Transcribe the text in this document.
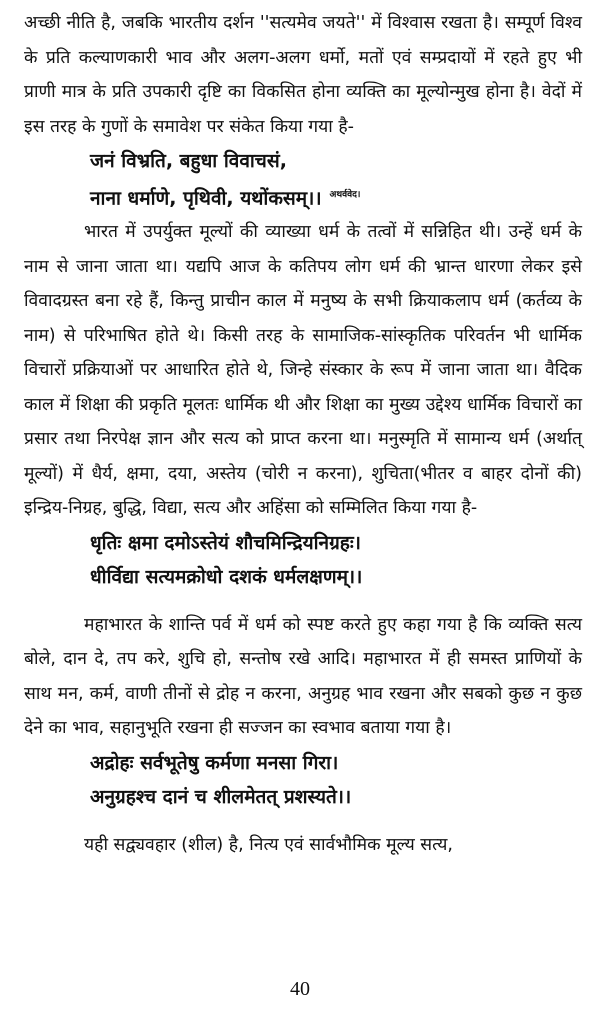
अच्छी नीति है, जबकि भारतीय दर्शन ''सत्यमेव जयते'' में विश्वास रखता है। सम्पूर्ण विश्व के प्रति कल्याणकारी भाव और अलग-अलग धर्मो, मतों एवं सम्प्रदायों में रहते हुए भी प्राणी मात्र के प्रति उपकारी दृष्टि का विकसित होना व्यक्ति का मूल्योन्मुख होना है। वेदों में इस तरह के गुणों के समावेश पर संकेत किया गया है-

जनं विभ्रति, बहुधा विवाचसं,
नाना धर्माणे, पृथिवी, यथोंकसम्।। $^{अथर्ववेद।}$

भारत में उपर्युक्त मूल्यों की व्याख्या धर्म के तत्वों में सन्निहित थी। उन्हें धर्म के नाम से जाना जाता था। यद्यपि आज के कतिपय लोग धर्म की भ्रान्त धारणा लेकर इसे विवादग्रस्त बना रहे हैं, किन्तु प्राचीन काल में मनुष्य के सभी क्रियाकलाप धर्म (कर्तव्य के नाम) से परिभाषित होते थे। किसी तरह के सामाजिक-सांस्कृतिक परिवर्तन भी धार्मिक विचारों प्रक्रियाओं पर आधारित होते थे, जिन्हे संस्कार के रूप में जाना जाता था। वैदिक काल में शिक्षा की प्रकृति मूलतः धार्मिक थी और शिक्षा का मुख्य उद्देश्य धार्मिक विचारों का प्रसार तथा निरपेक्ष ज्ञान और सत्य को प्राप्त करना था। मनुस्मृति में सामान्य धर्म (अर्थात् मूल्यों) में धैर्य, क्षमा, दया, अस्तेय (चोरी न करना), शुचिता(भीतर व बाहर दोनों की) इन्द्रिय-निग्रह, बुद्धि, विद्या, सत्य और अहिंसा को सम्मिलित किया गया है-

धृतिः क्षमा दमोऽस्तेयं शौचमिन्द्रियनिग्रहः।
धीर्विद्या सत्यमक्रोधो दशकं धर्मलक्षणम्।।

महाभारत के शान्ति पर्व में धर्म को स्पष्ट करते हुए कहा गया है कि व्यक्ति सत्य बोले, दान दे, तप करे, शुचि हो, सन्तोष रखे आदि। महाभारत में ही समस्त प्राणियों के साथ मन, कर्म, वाणी तीनों से द्रोह न करना, अनुग्रह भाव रखना और सबको कुछ न कुछ देने का भाव, सहानुभूति रखना ही सज्जन का स्वभाव बताया गया है।

अद्रोहः सर्वभूतेषु कर्मणा मनसा गिरा।
अनुग्रहश्च दानं च शीलमेतत् प्रशस्यते।।

यही सद्व्यवहार (शील) है, नित्य एवं सार्वभौमिक मूल्य सत्य,

40
